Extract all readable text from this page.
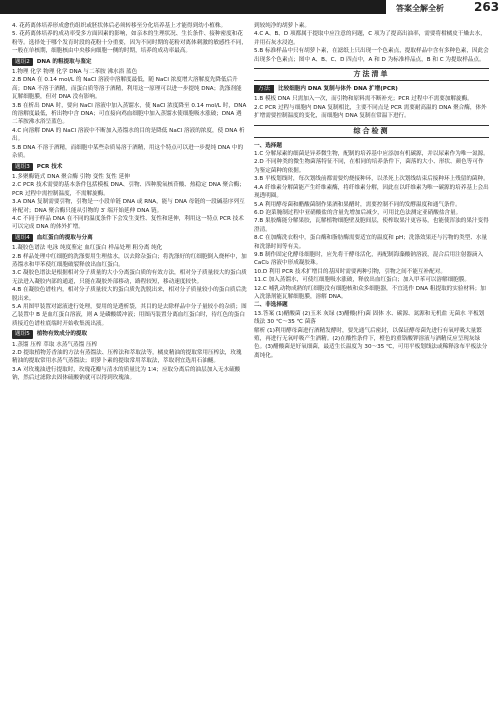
答案全解全析	263

4. 花药离体培养形成愈伤组织或胚状体后必须转移至分化培养基上才能得到幼小植株。

5. 花药离体培养的成功率受多方面因素的影响，如亲本的生理状况、生长条件、接种密度和花粉等。选择处于哪个发育时段的花粉十分重要，因为不同时期的花粉对离体刺激的敏感性不同，一般在单核期，细胞核由中央移向细胞一侧的时期，培养的成功率最高。

题组2	DNA 的粗提取与鉴定

1.物理 化学 物理 化学 DNA 与二苯胺 沸水浴 蓝色

2.B DNA 在 0.14 mol/L 的 NaCl 溶液中溶解度最低，随 NaCl 浓度增大溶解度先降低后升高；DNA 不溶于酒精，而蛋白质等溶于酒精，利用这一原理可以进一步提纯 DNA；洗涤剂能瓦解细胞膜，但对 DNA 没有影响。

3.B 在析出 DNA 时，要向 NaCl 溶液中加入蒸馏水，使 NaCl 浓度降至 0.14 mol/L 时，DNA 的溶解度最低，析出物中含 DNA；可直接向鸡血细胞中加入蒸馏水使细胞吸水涨破；DNA 遇二苯胺沸水浴呈蓝色。

4.C 向溶解 DNA 的 NaCl 溶液中不断加入蒸馏水的目的是降低 NaCl 溶液的浓度，使 DNA 析出。

5.B DNA 不溶于酒精，而细胞中某些杂质易溶于酒精，用这个特点可以进一步提纯 DNA 中的杂质。

题组3	PCR 技术

1.多聚酶链式 DNA 聚合酶 引物 变性 复性 延伸

2.C PCR 技术需要的基本条件包括模板 DNA、引物、四种脱氧核苷酸、热稳定 DNA 聚合酶；PCR 过程中需控制温度，不需解旋酶。

3.A DNA 复制需要引物，引物是一小段单链 DNA 或 RNA，能与 DNA 母链的一段碱基序列互补配对；DNA 聚合酶只能从引物的 3′ 端开始延伸 DNA 链。

4.C 不同于样品 DNA 在不同的温度条件下会发生变性、复性和延伸，利用这一特点 PCR 技术可以完成 DNA 的体外扩增。

题组4	血红蛋白的提取与分离

1.凝胶色谱法 电泳 纯度鉴定 血红蛋白 样品处理 粗分离 纯化

2.B 样品处理中红细胞的洗涤要用生理盐水，以去除杂蛋白；将洗涤好的红细胞倒入烧杯中，加蒸馏水和甲苯使红细胞破裂释放出血红蛋白。

3.C 凝胶色谱法是根据相对分子质量的大小分离蛋白质的有效方法，相对分子质量较大的蛋白质无法进入凝胶内部的通道，只能在凝胶外部移动，路程较短，移动速度较快。

4.B 在凝胶色谱柱内，相对分子质量较大的蛋白质先洗脱出来，相对分子质量较小的蛋白质后洗脱出来。

5.A 用图甲装置对滤液进行处理，要用的是透析袋，其目的是去除样品中分子量较小的杂质；图乙装置中 B 是血红蛋白溶液，则 A 是磷酸缓冲液；用图丙装置分离血红蛋白时，待红色的蛋白质接近色谱柱底端时开始收集流出液。

题组5	植物有效成分的提取

1.蒸馏 压榨 萃取 水蒸气蒸馏 压榨

2.D 提取植物芳香油的方法有蒸馏法、压榨法和萃取法等，橘皮精油的提取常用压榨法，玫瑰精油的提取常用水蒸气蒸馏法；胡萝卜素的提取常用萃取法，萃取剂宜选用石油醚。

3.A 对玫瑰油进行提取时，玫瑰花瓣与清水的质量比为 1∶4；应取分离后的油层加入无水硫酸钠，然后过滤除去固体硫酸钠就可以得到玫瑰油。

到较纯净的胡萝卜素。

4.C A、B、D 项都属于提取中应注意的问题，C 项为了提高出油率，需要将柑橘皮干燥去水，并用石灰水浸泡。

5.B 标准样品中只有胡萝卜素，在滤纸上只出现一个色素点，提取样品中含有多种色素，因此会出现多个色素点；图中 A、B、C、D 四点中，A 和 D 为标准样品点，B 和 C 为提取样品点。

方法清单
方法	比较细胞内 DNA 复制与体外 DNA 扩增(PCR)

1.B 模板 DNA 只需加入一次，而引物和原料需不断补充；PCR 过程中不需要加解旋酶。

2.C PCR 过程与细胞内 DNA 复制相比，主要不同点是 PCR 需要耐高温的 DNA 聚合酶，体外扩增需要控制温度的变化，而细胞内 DNA 复制在常温下进行。

综合检测

一、选择题

1.C 分解尿素的细菌是异养微生物，配制的培养基中应添加有机碳源，并以尿素作为唯一氮源。

2.D 不同种类的微生物菌落特征不同，在相同的培养条件下，菌落的大小、形状、颜色等可作为鉴定菌种的依据。

3.B 平板划线时，每次划线前都需要灼烧接种环，以杀死上次划线结束后接种环上残留的菌种。

4.A 纤维素分解菌能产生纤维素酶，将纤维素分解，因此在以纤维素为唯一碳源的培养基上会出现透明圈。

5.A 利用酵母菌和醋酸菌制作果酒和果醋时，需要控制不同的发酵温度和通气条件。

6.D 泡菜腌制过程中亚硝酸盐的含量先增加后减少，可用比色法测定亚硝酸盐含量。

7.B 果胶酶能分解果胶，瓦解植物细胞壁及胞间层，使榨取果汁更容易，也能使浑浊的果汁变得澄清。

8.C 在加酶洗衣粉中，蛋白酶和脂肪酶需要适宜的温度和 pH；洗涤效果还与污物的类型、水量和洗涤时间等有关。

9.B 制作固定化酵母细胞时，应先将干酵母活化，再配制海藻酸钠溶液，混合后用注射器滴入 CaCl₂ 溶液中形成凝胶珠。

10.D 利用 PCR 技术扩增目的基因时需要两种引物，引物之间不能互补配对。

11.C 加入蒸馏水，可使红细胞吸水涨破，释放出血红蛋白；加入甲苯可以溶解细胞膜。

12.C 哺乳动物成熟的红细胞没有细胞核和众多细胞器，不宜选作 DNA 粗提取的实验材料；加入洗涤剂能瓦解细胞膜，溶解 DNA。

二、非选择题

13.答案 (1)醋酸菌 (2)玉米 灰绿 (3)醋酸(杆)菌 固体 水、碳源、氮源和无机盐 无菌水 平板划线法 30 ℃～35 ℃ 菌落

解析 (1)利用酵母菌进行酒精发酵时，要先通气后密封，以保证酵母菌先进行有氧呼吸大量繁殖，再进行无氧呼吸产生酒精。(2)在酸性条件下，橙色的重铬酸钾溶液与酒精反应呈现灰绿色。(3)醋酸菌是好氧细菌，最适生长温度为 30～35 ℃，可用平板划线法或稀释涂布平板法分离纯化。
